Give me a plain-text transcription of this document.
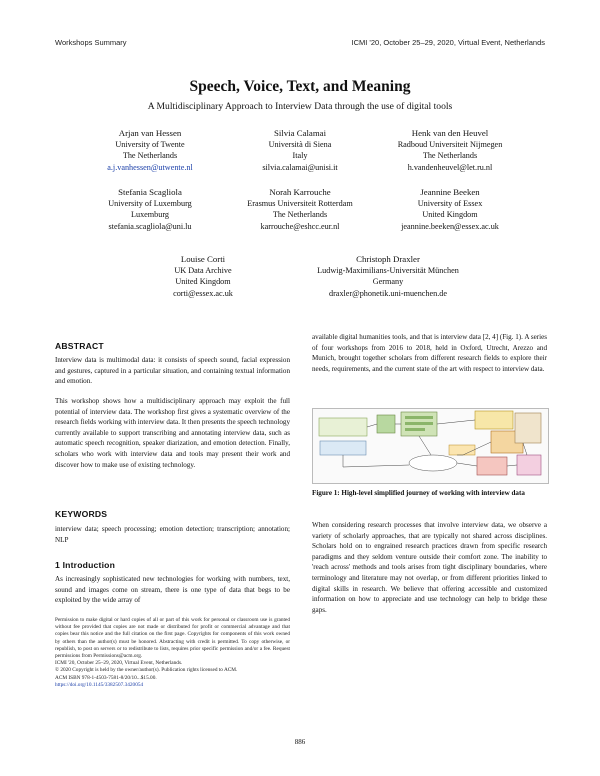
Workshops Summary	ICMI '20, October 25–29, 2020, Virtual Event, Netherlands
Speech, Voice, Text, and Meaning
A Multidisciplinary Approach to Interview Data through the use of digital tools
Arjan van Hessen
University of Twente
The Netherlands
a.j.vanhessen@utwente.nl
Silvia Calamai
Università di Siena
Italy
silvia.calamai@unisi.it
Henk van den Heuvel
Radboud Universiteit Nijmegen
The Netherlands
h.vandenheuvel@let.ru.nl
Stefania Scagliola
University of Luxemburg
Luxemburg
stefania.scagliola@uni.lu
Norah Karrouche
Erasmus Universiteit Rotterdam
The Netherlands
karrouche@eshcc.eur.nl
Jeannine Beeken
University of Essex
United Kingdom
jeannine.beeken@essex.ac.uk
Louise Corti
UK Data Archive
United Kingdom
corti@essex.ac.uk
Christoph Draxler
Ludwig-Maximilians-Universität München
Germany
draxler@phonetik.uni-muenchen.de
ABSTRACT
Interview data is multimodal data: it consists of speech sound, facial expression and gestures, captured in a particular situation, and containing textual information and emotion.
This workshop shows how a multidisciplinary approach may exploit the full potential of interview data. The workshop first gives a systematic overview of the research fields working with interview data. It then presents the speech technology currently available to support transcribing and annotating interview data, such as automatic speech recognition, speaker diarization, and emotion detection. Finally, scholars who work with interview data and tools may present their work and discover how to make use of existing technology.
KEYWORDS
interview data; speech processing; emotion detection; transcription; annotation; NLP
1 Introduction
As increasingly sophisticated new technologies for working with numbers, text, sound and images come on stream, there is one type of data that begs to be exploited by the wide array of
Permission to make digital or hard copies of all or part of this work for personal or classroom use is granted without fee provided that copies are not made or distributed for profit or commercial advantage and that copies bear this notice and the full citation on the first page. Copyrights for components of this work owned by others than the author(s) must be honored. Abstracting with credit is permitted. To copy otherwise, or republish, to post on servers or to redistribute to lists, requires prior specific permission and/or a fee. Request permissions from Permissions@acm.org.
ICMI '20, October 25–29, 2020, Virtual Event, Netherlands.
© 2020 Copyright is held by the owner/author(s). Publication rights licensed to ACM.
ACM ISBN 978-1-4503-7581-8/20/10...$15.00.
https://doi.org/10.1145/3382507.3420054
available digital humanities tools, and that is interview data [2, 4] (Fig. 1). A series of four workshops from 2016 to 2018, held in Oxford, Utrecht, Arezzo and Munich, brought together scholars from different research fields to explore their needs, requirements, and the current state of the art with respect to interview data.
Figure 1: High-level simplified journey of working with interview data
When considering research processes that involve interview data, we observe a variety of scholarly approaches, that are typically not shared across disciplines. Scholars hold on to engrained research practices drawn from specific research paradigms and they seldom venture outside their comfort zone. The inability to 'reach across' methods and tools arises from tight disciplinary boundaries, where terminology and literature may not overlap, or from different priorities linked to digital skills in research. We believe that offering accessible and customized information on how to appreciate and use technology can help to bridge these gaps.
886
